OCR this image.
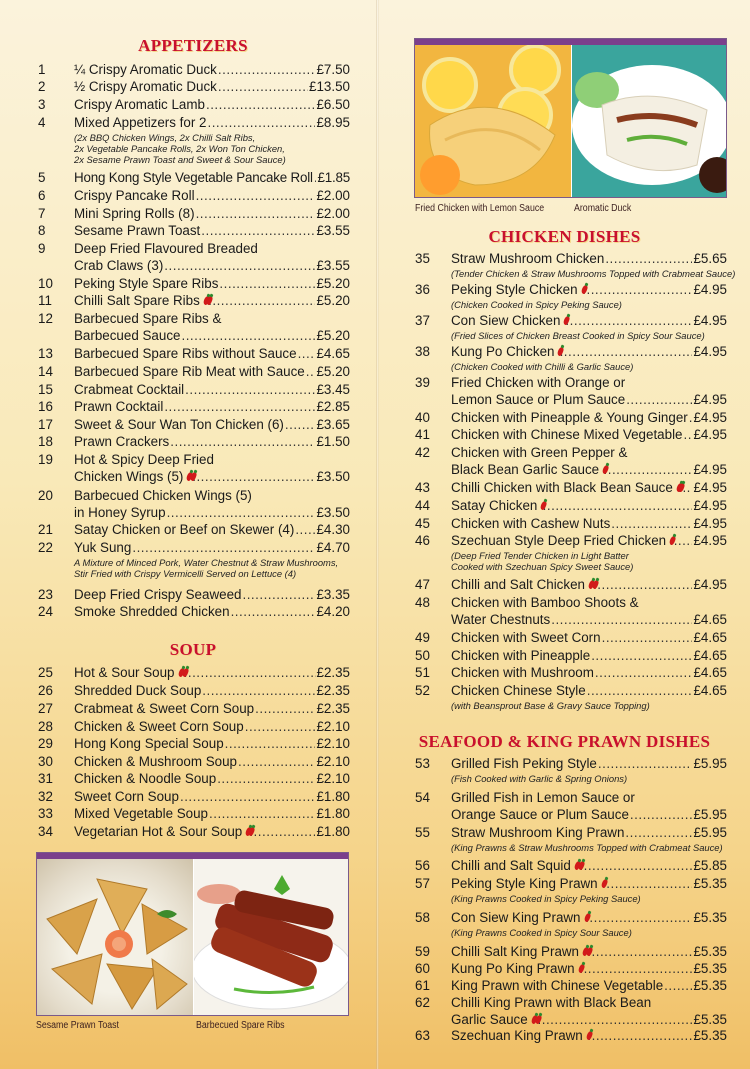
APPETIZERS
1	¼ Crispy Aromatic Duck .....	£7.50
2	½ Crispy Aromatic Duck .....	£13.50
3	Crispy Aromatic Lamb .....	£6.50
4	Mixed Appetizers for 2 .....	£8.95
(2x BBQ Chicken Wings, 2x Chilli Salt Ribs,
2x Vegetable Pancake Rolls, 2x Won Ton Chicken,
2x Sesame Prawn Toast and Sweet & Sour Sauce)
5	Hong Kong Style Vegetable Pancake Roll ..... £1.85
6	Crispy Pancake Roll .....	£2.00
7	Mini Spring Rolls (8) .....	£2.00
8	Sesame Prawn Toast .....	£3.55
9	Deep Fried Flavoured Breaded
Crab Claws (3) .....	£3.55
10	Peking Style Spare Ribs .....	£5.20
11	Chilli Salt Spare Ribs .....	£5.20
12	Barbecued Spare Ribs &
Barbecued Sauce .....	£5.20
13	Barbecued Spare Ribs without Sauce ..... £4.65
14	Barbecued Spare Rib Meat with Sauce ..... £5.20
15	Crabmeat Cocktail .....	£3.45
16	Prawn Cocktail .....	£2.85
17	Sweet & Sour Wan Ton Chicken (6) ..... £3.65
18	Prawn Crackers .....	£1.50
19	Hot & Spicy Deep Fried
Chicken Wings (5) .....	£3.50
20	Barbecued Chicken Wings (5)
in Honey Syrup .....	£3.50
21	Satay Chicken or Beef on Skewer (4) ..... £4.30
22	Yuk Sung .....	£4.70
A Mixture of Minced Pork, Water Chestnut & Straw Mushrooms,
Stir Fried with Crispy Vermicelli Served on Lettuce (4)
23	Deep Fried Crispy Seaweed .....	£3.35
24	Smoke Shredded Chicken .....	£4.20
SOUP
25	Hot & Sour Soup .....	£2.35
26	Shredded Duck Soup .....	£2.35
27	Crabmeat & Sweet Corn Soup .....	£2.35
28	Chicken & Sweet Corn Soup .....	£2.10
29	Hong Kong Special Soup .....	£2.10
30	Chicken & Mushroom Soup .....	£2.10
31	Chicken & Noodle Soup .....	£2.10
32	Sweet Corn Soup .....	£1.80
33	Mixed Vegetable Soup .....	£1.80
34	Vegetarian Hot & Sour Soup .....	£1.80
Sesame Prawn Toast	Barbecued Spare Ribs
Fried Chicken with Lemon Sauce	Aromatic Duck
CHICKEN DISHES
35	Straw Mushroom Chicken .....	£5.65
(Tender Chicken & Straw Mushrooms Topped with Crabmeat Sauce)
36	Peking Style Chicken .....	£4.95
(Chicken Cooked in Spicy Peking Sauce)
37	Con Siew Chicken .....	£4.95
(Fried Slices of Chicken Breast Cooked in Spicy Sour Sauce)
38	Kung Po Chicken .....	£4.95
(Chicken Cooked with Chilli & Garlic Sauce)
39	Fried Chicken with Orange or
Lemon Sauce or Plum Sauce .....	£4.95
40	Chicken with Pineapple & Young Ginger ..... £4.95
41	Chicken with Chinese Mixed Vegetable ..... £4.95
42	Chicken with Green Pepper &
Black Bean Garlic Sauce .....	£4.95
43	Chilli Chicken with Black Bean Sauce ..... £4.95
44	Satay Chicken .....	£4.95
45	Chicken with Cashew Nuts .....	£4.95
46	Szechuan Style Deep Fried Chicken ..... £4.95
(Deep Fried Tender Chicken in Light Batter
Cooked with Szechuan Spicy Sweet Sauce)
47	Chilli and Salt Chicken .....	£4.95
48	Chicken with Bamboo Shoots &
Water Chestnuts .....	£4.65
49	Chicken with Sweet Corn .....	£4.65
50	Chicken with Pineapple .....	£4.65
51	Chicken with Mushroom .....	£4.65
52	Chicken Chinese Style .....	£4.65
(with Beansprout Base & Gravy Sauce Topping)
SEAFOOD & KING PRAWN DISHES
53	Grilled Fish Peking Style .....	£5.95
(Fish Cooked with Garlic & Spring Onions)
54	Grilled Fish in Lemon Sauce or
Orange Sauce or Plum Sauce .....	£5.95
55	Straw Mushroom King Prawn .....	£5.95
(King Prawns & Straw Mushrooms Topped with Crabmeat Sauce)
56	Chilli and Salt Squid .....	£5.85
57	Peking Style King Prawn .....	£5.35
(King Prawns Cooked in Spicy Peking Sauce)
58	Con Siew King Prawn .....	£5.35
(King Prawns Cooked in Spicy Sour Sauce)
59	Chilli Salt King Prawn .....	£5.35
60	Kung Po King Prawn .....	£5.35
61	King Prawn with Chinese Vegetable ..... £5.35
62	Chilli King Prawn with Black Bean
Garlic Sauce .....	£5.35
63	Szechuan King Prawn .....	£5.35
